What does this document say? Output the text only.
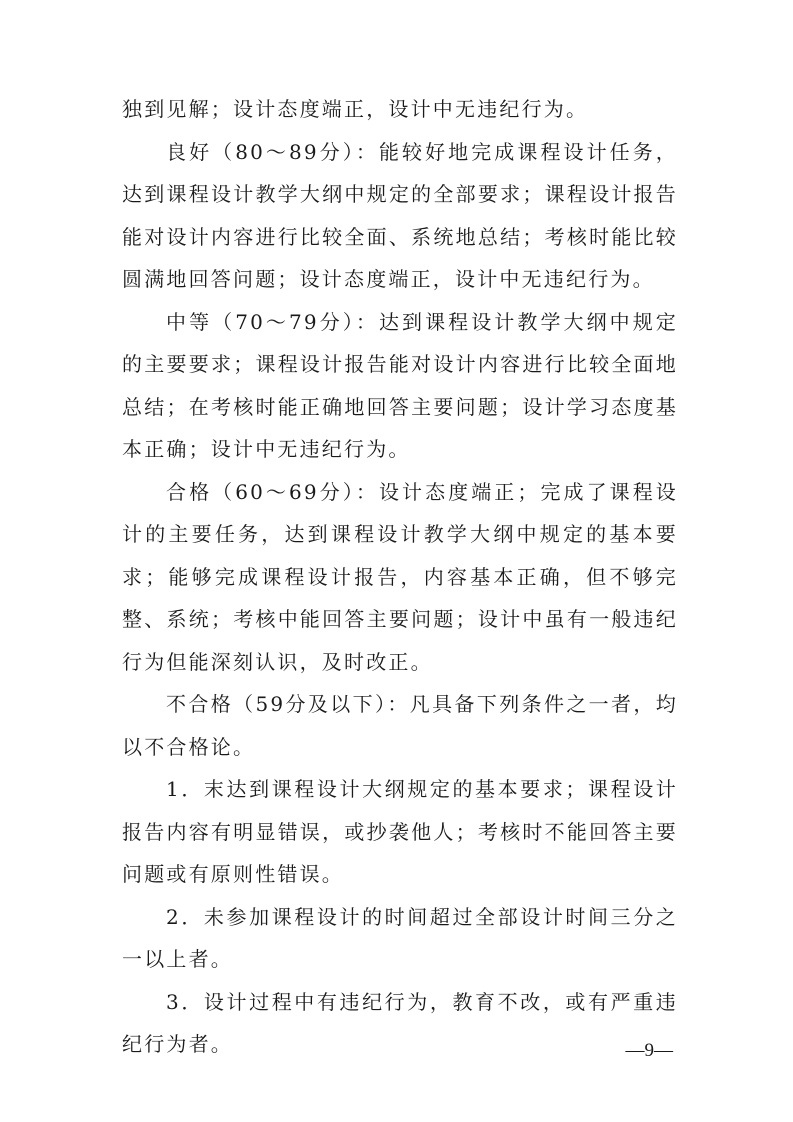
独到见解；设计态度端正，设计中无违纪行为。

良好（80～89分）：能较好地完成课程设计任务，达到课程设计教学大纲中规定的全部要求；课程设计报告能对设计内容进行比较全面、系统地总结；考核时能比较圆满地回答问题；设计态度端正，设计中无违纪行为。

中等（70～79分）：达到课程设计教学大纲中规定的主要要求；课程设计报告能对设计内容进行比较全面地总结；在考核时能正确地回答主要问题；设计学习态度基本正确；设计中无违纪行为。

合格（60～69分）：设计态度端正；完成了课程设计的主要任务，达到课程设计教学大纲中规定的基本要求；能够完成课程设计报告，内容基本正确，但不够完整、系统；考核中能回答主要问题；设计中虽有一般违纪行为但能深刻认识，及时改正。

不合格（59分及以下）：凡具备下列条件之一者，均以不合格论。

1．末达到课程设计大纲规定的基本要求；课程设计报告内容有明显错误，或抄袭他人；考核时不能回答主要问题或有原则性错误。

2．未参加课程设计的时间超过全部设计时间三分之一以上者。

3．设计过程中有违纪行为，教育不改，或有严重违纪行为者。	—9—
